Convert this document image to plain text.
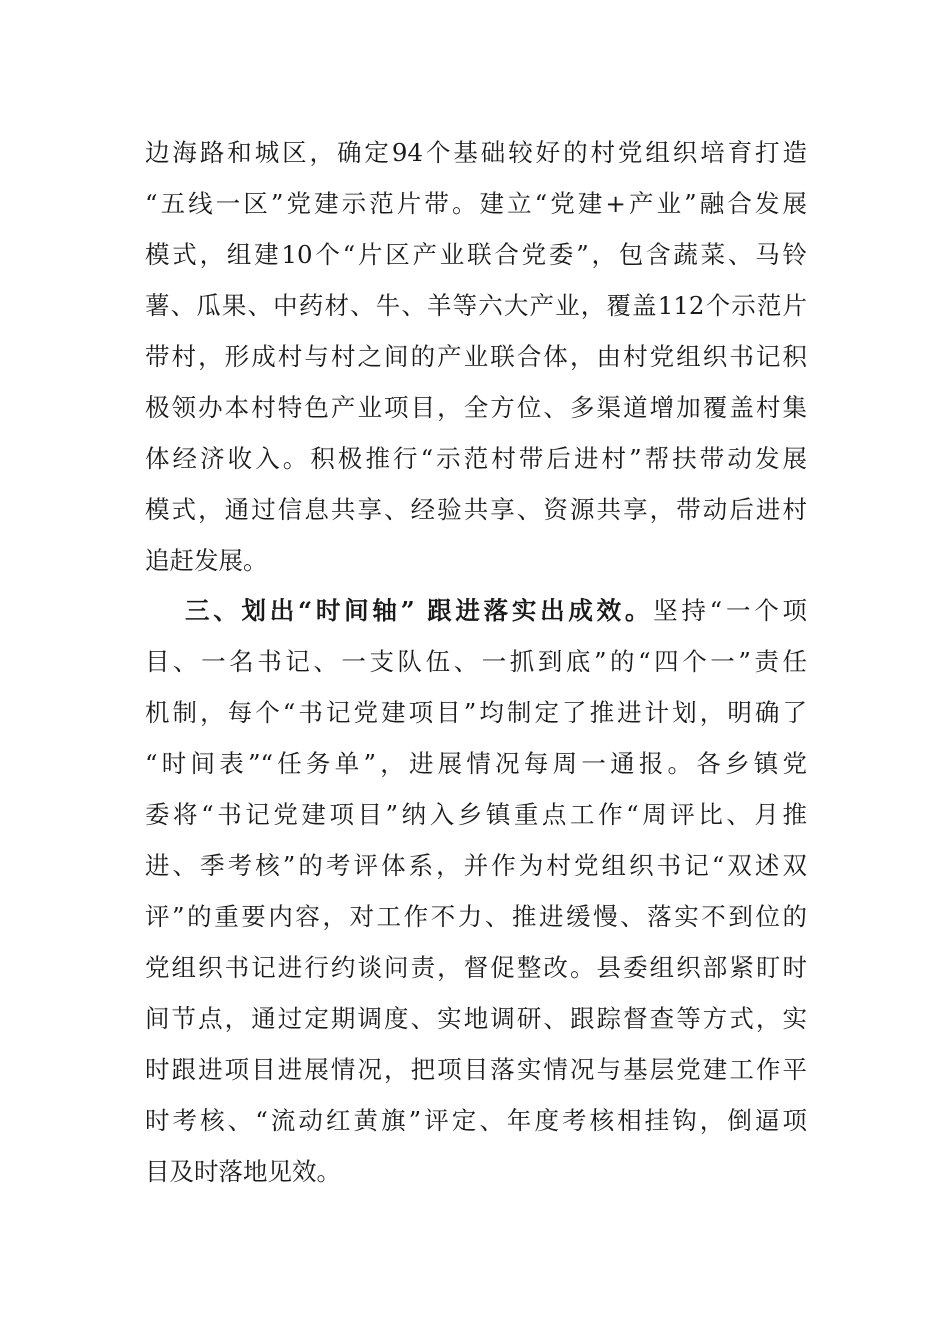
边海路和城区，确定94个基础较好的村党组织培育打造
“五线一区”党建示范片带。建立“党建+产业”融合发展
模式，组建10个“片区产业联合党委”，包含蔬菜、马铃
薯、瓜果、中药材、牛、羊等六大产业，覆盖112个示范片
带村，形成村与村之间的产业联合体，由村党组织书记积
极领办本村特色产业项目，全方位、多渠道增加覆盖村集
体经济收入。积极推行“示范村带后进村”帮扶带动发展
模式，通过信息共享、经验共享、资源共享，带动后进村
追赶发展。
三、划出“时间轴” 跟进落实出成效。坚持“一个项
目、一名书记、一支队伍、一抓到底”的“四个一”责任
机制，每个“书记党建项目”均制定了推进计划，明确了
“时间表”“任务单”，进展情况每周一通报。各乡镇党
委将“书记党建项目”纳入乡镇重点工作“周评比、月推
进、季考核”的考评体系，并作为村党组织书记“双述双
评”的重要内容，对工作不力、推进缓慢、落实不到位的
党组织书记进行约谈问责，督促整改。县委组织部紧盯时
间节点，通过定期调度、实地调研、跟踪督查等方式，实
时跟进项目进展情况，把项目落实情况与基层党建工作平
时考核、“流动红黄旗”评定、年度考核相挂钩，倒逼项
目及时落地见效。
